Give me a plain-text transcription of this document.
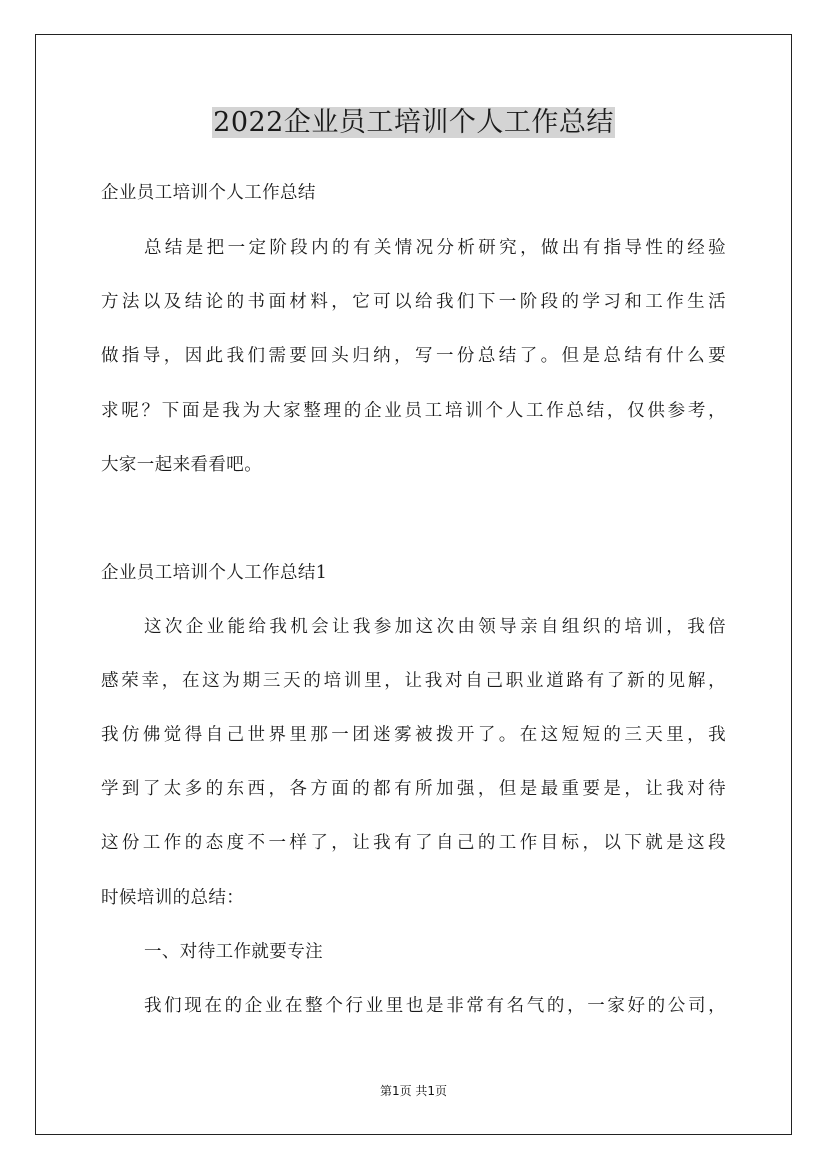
2022企业员工培训个人工作总结
企业员工培训个人工作总结
总结是把一定阶段内的有关情况分析研究，做出有指导性的经验
方法以及结论的书面材料，它可以给我们下一阶段的学习和工作生活
做指导，因此我们需要回头归纳，写一份总结了。但是总结有什么要
求呢？下面是我为大家整理的企业员工培训个人工作总结，仅供参考，
大家一起来看看吧。
企业员工培训个人工作总结1
这次企业能给我机会让我参加这次由领导亲自组织的培训，我倍
感荣幸，在这为期三天的培训里，让我对自己职业道路有了新的见解，
我仿佛觉得自己世界里那一团迷雾被拨开了。在这短短的三天里，我
学到了太多的东西，各方面的都有所加强，但是最重要是，让我对待
这份工作的态度不一样了，让我有了自己的工作目标，以下就是这段
时候培训的总结：
一、对待工作就要专注
我们现在的企业在整个行业里也是非常有名气的，一家好的公司，
第1页 共1页
